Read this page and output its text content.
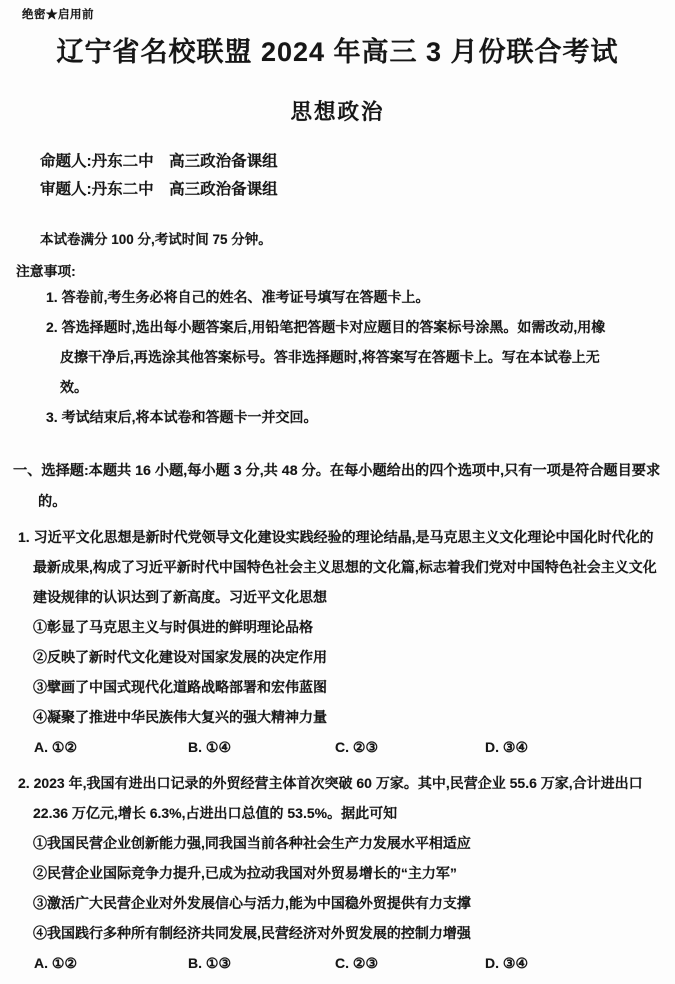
绝密★启用前
辽宁省名校联盟 2024 年高三 3 月份联合考试
思想政治
命题人:丹东二中　高三政治备课组
审题人:丹东二中　高三政治备课组
本试卷满分 100 分,考试时间 75 分钟。
注意事项:
1. 答卷前,考生务必将自己的姓名、准考证号填写在答题卡上。
2. 答选择题时,选出每小题答案后,用铅笔把答题卡对应题目的答案标号涂黑。如需改动,用橡皮擦干净后,再选涂其他答案标号。答非选择题时,将答案写在答题卡上。写在本试卷上无效。
3. 考试结束后,将本试卷和答题卡一并交回。
一、选择题:本题共 16 小题,每小题 3 分,共 48 分。在每小题给出的四个选项中,只有一项是符合题目要求的。
1. 习近平文化思想是新时代党领导文化建设实践经验的理论结晶,是马克思主义文化理论中国化时代化的最新成果,构成了习近平新时代中国特色社会主义思想的文化篇,标志着我们党对中国特色社会主义文化建设规律的认识达到了新高度。习近平文化思想
①彰显了马克思主义与时俱进的鲜明理论品格
②反映了新时代文化建设对国家发展的决定作用
③擘画了中国式现代化道路战略部署和宏伟蓝图
④凝聚了推进中华民族伟大复兴的强大精神力量
A. ①②	B. ①④	C. ②③	D. ③④
2. 2023 年,我国有进出口记录的外贸经营主体首次突破 60 万家。其中,民营企业 55.6 万家,合计进出口 22.36 万亿元,增长 6.3%,占进出口总值的 53.5%。据此可知
①我国民营企业创新能力强,同我国当前各种社会生产力发展水平相适应
②民营企业国际竞争力提升,已成为拉动我国对外贸易增长的“主力军”
③激活广大民营企业对外发展信心与活力,能为中国稳外贸提供有力支撑
④我国践行多种所有制经济共同发展,民营经济对外贸发展的控制力增强
A. ①②	B. ①③	C. ②③	D. ③④
